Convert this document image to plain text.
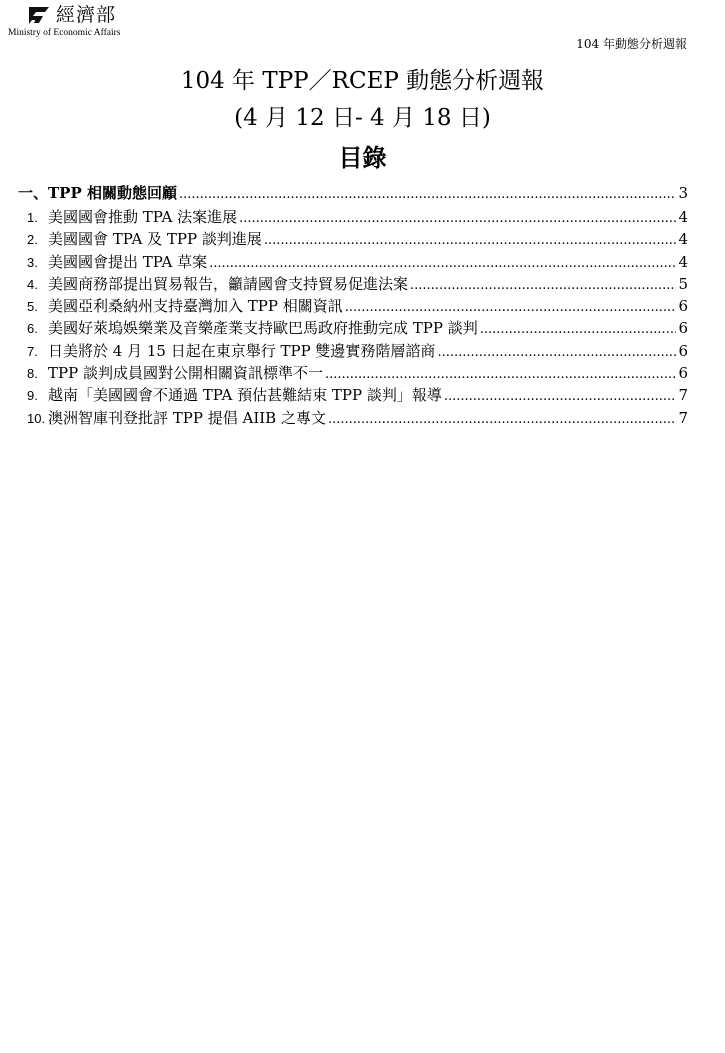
經濟部
Ministry of Economic Affairs
104 年動態分析週報
104 年 TPP／RCEP 動態分析週報
(4 月 12 日- 4 月 18 日)
目錄
一、 TPP 相關動態回顧 .....	3
1. 美國國會推動 TPA 法案進展 .....	4
2. 美國國會 TPA 及 TPP 談判進展 .....	4
3. 美國國會提出 TPA 草案 .....	4
4. 美國商務部提出貿易報告，籲請國會支持貿易促進法案 .....	5
5. 美國亞利桑納州支持臺灣加入 TPP 相關資訊 .....	6
6. 美國好萊塢娛樂業及音樂產業支持歐巴馬政府推動完成 TPP 談判 .....	6
7. 日美將於 4 月 15 日起在東京舉行 TPP 雙邊實務階層諮商 .....	6
8. TPP 談判成員國對公開相關資訊標準不一 .....	6
9. 越南「美國國會不通過 TPA 預估甚難結束 TPP 談判」報導 .....	7
10. 澳洲智庫刊登批評 TPP 提倡 AIIB 之專文 .....	7
